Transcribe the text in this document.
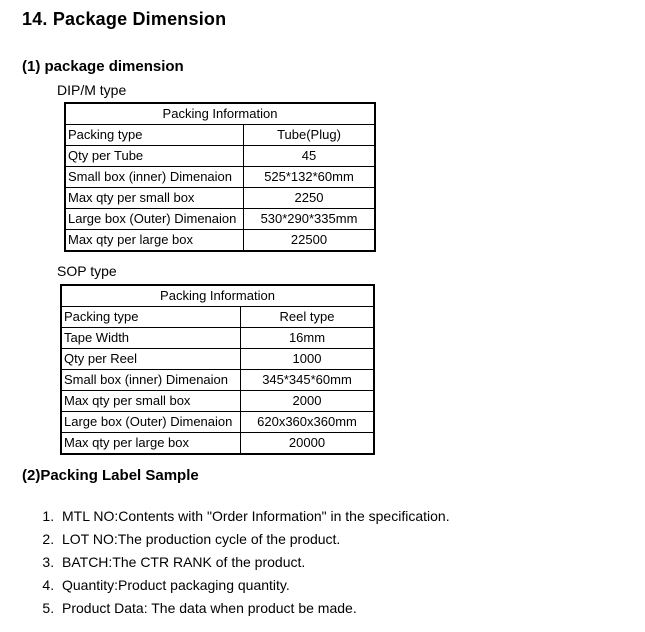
14. Package Dimension
(1) package dimension
DIP/M type
Packing Information	
Packing type	Tube(Plug)
Qty per Tube	45
Small box (inner) Dimenaion	525*132*60mm
Max qty per small box	2250
Large box (Outer) Dimenaion	530*290*335mm
Max qty per large box	22500
SOP type
Packing Information	
Packing type	Reel type
Tape Width	16mm
Qty per Reel	1000
Small box (inner) Dimenaion	345*345*60mm
Max qty per small box	2000
Large box (Outer) Dimenaion	620x360x360mm
Max qty per large box	20000
(2)Packing Label Sample
1. MTL NO:Contents with "Order Information" in the specification.
2. LOT NO:The production cycle of the product.
3. BATCH:The CTR RANK of the product.
4. Quantity:Product packaging quantity.
5. Product Data: The data when product be made.
